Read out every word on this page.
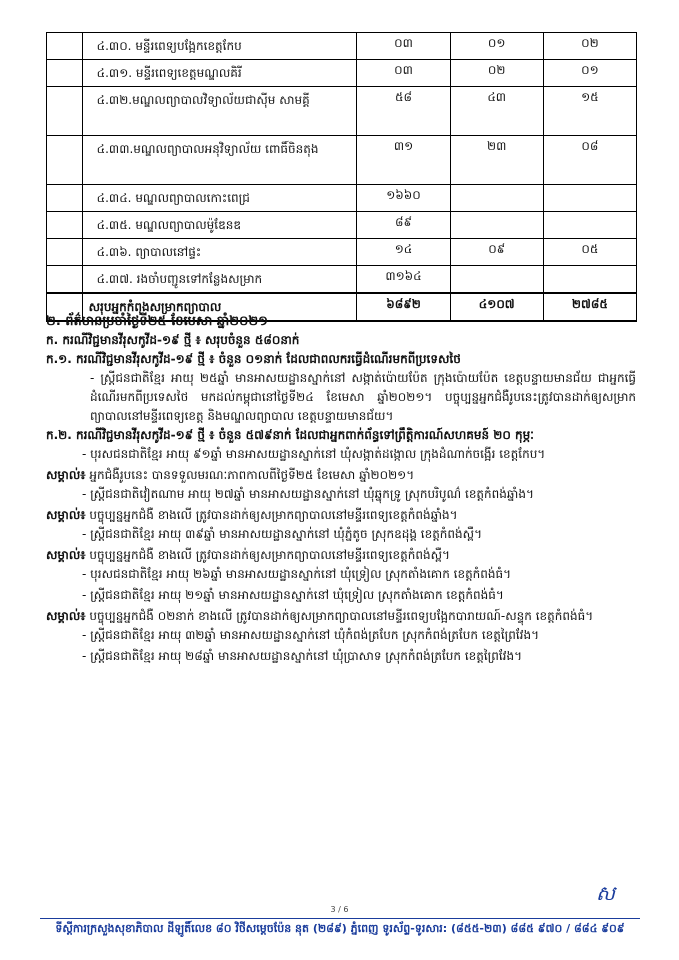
	៤.៣០. មន្ទីរពេទ្យបង្អែកខេត្តកែប	០៣	០១	០២
	៤.៣១. មន្ទីរពេទ្យខេត្តមណ្ឌលគិរី	០៣	០២	០១
	៤.៣២.មណ្ឌលព្យាបាលវិទ្យាល័យជាស៊ីម សាមគ្គី	៥៨	៤៣	១៥
	៤.៣៣.មណ្ឌលព្យាបាលអនុវិទ្យាល័យ ពោធិ៍ចិនតុង	៣១	២៣	០៨
	៤.៣៤. មណ្ឌលព្យាបាលកោះពេជ្រ	១៦៦០		
	៤.៣៥. មណ្ឌលព្យាបាលម៉ូឌែនឌ	៨៩		
	៤.៣៦. ព្យាបាលនៅផ្ទះ	១៤	០៩	០៥
	៤.៣៧. រងចាំបញ្ជូនទៅកន្លែងសម្រាក	៣១៦៤		
	សរុបអ្នកកំពុងសម្រាកព្យាបាល	៦៨៩២	៤១០៧	២៧៨៥

២. ព័ត៌មានប្រចាំថ្ងៃទី២៥ ខែមេសា ឆ្នាំ២០២១

ក. ករណីវិជ្ជមានវីរុសកូវីដ-១៩ ថ្មី ៖ សរុបចំនួន ៥៨០នាក់

ក.១. ករណីវិជ្ជមានវីរុសកូវីដ-១៩ ថ្មី ៖ ចំនួន ០១នាក់ ដែលជាពលករធ្វើដំណើរមកពីប្រទេសថៃ

- ស្ត្រីជនជាតិខ្មែរ អាយុ ២៥ឆ្នាំ មានអាសយដ្ឋានស្នាក់នៅ សង្កាត់ប៉ោយប៉ែត ក្រុងប៉ោយប៉ែត ខេត្តបន្ទាយមានជ័យ ជាអ្នកធ្វើដំណើរមកពីប្រទេសថៃ មកដល់កម្ពុជានៅថ្ងៃទី២៤ ខែមេសា ឆ្នាំ២០២១។ បច្ចុប្បន្នអ្នកជំងឺរូបនេះត្រូវបានដាក់ឲ្យសម្រាកព្យាបាលនៅមន្ទីរពេទ្យខេត្ត និងមណ្ឌលព្យាបាល ខេត្តបន្ទាយមានជ័យ។

ក.២. ករណីវិជ្ជមានវីរុសកូវីដ-១៩ ថ្មី ៖ ចំនួន ៥៧៩នាក់ ដែលជាអ្នកពាក់ព័ន្ធទៅព្រឹត្តិការណ៍សហគមន៍ ២០ កុម្ភៈ

- បុរសជនជាតិខ្មែរ អាយុ ៩១ឆ្នាំ មានអាសយដ្ឋានស្នាក់នៅ ឃុំសង្កាត់ដង្កោល ក្រុងដំណាក់ចង្អើរ ខេត្តកែប។

សម្គាល់៖ អ្នកជំងឺរូបនេះ បានទទួលមរណៈភាពកាលពីថ្ងៃទី២៥ ខែមេសា ឆ្នាំ២០២១។

- ស្ត្រីជនជាតិវៀតណាម អាយុ ២៧ឆ្នាំ មានអាសយដ្ឋានស្នាក់នៅ ឃុំឆ្នុកទ្រូ ស្រុកបរិបូណ៌ ខេត្តកំពង់ឆ្នាំង។

សម្គាល់៖ បច្ចុប្បន្នអ្នកជំងឺ ខាងលើ ត្រូវបានដាក់ឲ្យសម្រាកព្យាបាលនៅមន្ទីរពេទ្យខេត្តកំពង់ឆ្នាំង។

- ស្ត្រីជនជាតិខ្មែរ អាយុ ៣៩ឆ្នាំ មានអាសយដ្ឋានស្នាក់នៅ ឃុំភ្នំតូច ស្រុកឧដុង្គ ខេត្តកំពង់ស្ពឺ។

សម្គាល់៖ បច្ចុប្បន្នអ្នកជំងឺ ខាងលើ ត្រូវបានដាក់ឲ្យសម្រាកព្យាបាលនៅមន្ទីរពេទ្យខេត្តកំពង់ស្ពឺ។

- បុរសជនជាតិខ្មែរ អាយុ ២៦ឆ្នាំ មានអាសយដ្ឋានស្នាក់នៅ ឃុំទ្រៀល ស្រុកតាំងគោក ខេត្តកំពង់ធំ។

- ស្ត្រីជនជាតិខ្មែរ អាយុ ២១ឆ្នាំ មានអាសយដ្ឋានស្នាក់នៅ ឃុំទ្រៀល ស្រុកតាំងគោក ខេត្តកំពង់ធំ។

សម្គាល់៖ បច្ចុប្បន្នអ្នកជំងឺ ០២នាក់ ខាងលើ ត្រូវបានដាក់ឲ្យសម្រាកព្យាបាលនៅមន្ទីរពេទ្យបង្អែកបារាយណ៍-សន្ទុក ខេត្តកំពង់ធំ។

- ស្ត្រីជនជាតិខ្មែរ អាយុ ៣២ឆ្នាំ មានអាសយដ្ឋានស្នាក់នៅ ឃុំកំពង់ត្របែក ស្រុកកំពង់ត្របែក ខេត្តព្រៃវែង។

- ស្ត្រីជនជាតិខ្មែរ អាយុ ២៨ឆ្នាំ មានអាសយដ្ឋានស្នាក់នៅ ឃុំប្រាសាទ ស្រុកកំពង់ត្របែក ខេត្តព្រៃវែង។

ស
3 / 6
ទីស្តីការក្រសួងសុខាភិបាល ដីឡូតិ៍លេខ ៨០ វិថីសម្តេចប៉ែន នុត (២៨៩) ភ្នំពេញ ទូរស័ព្ទ-ទូរសារ: (៨៥៥-២៣) ៨៨៥ ៩៧០ / ៨៨៤ ៩០៩
